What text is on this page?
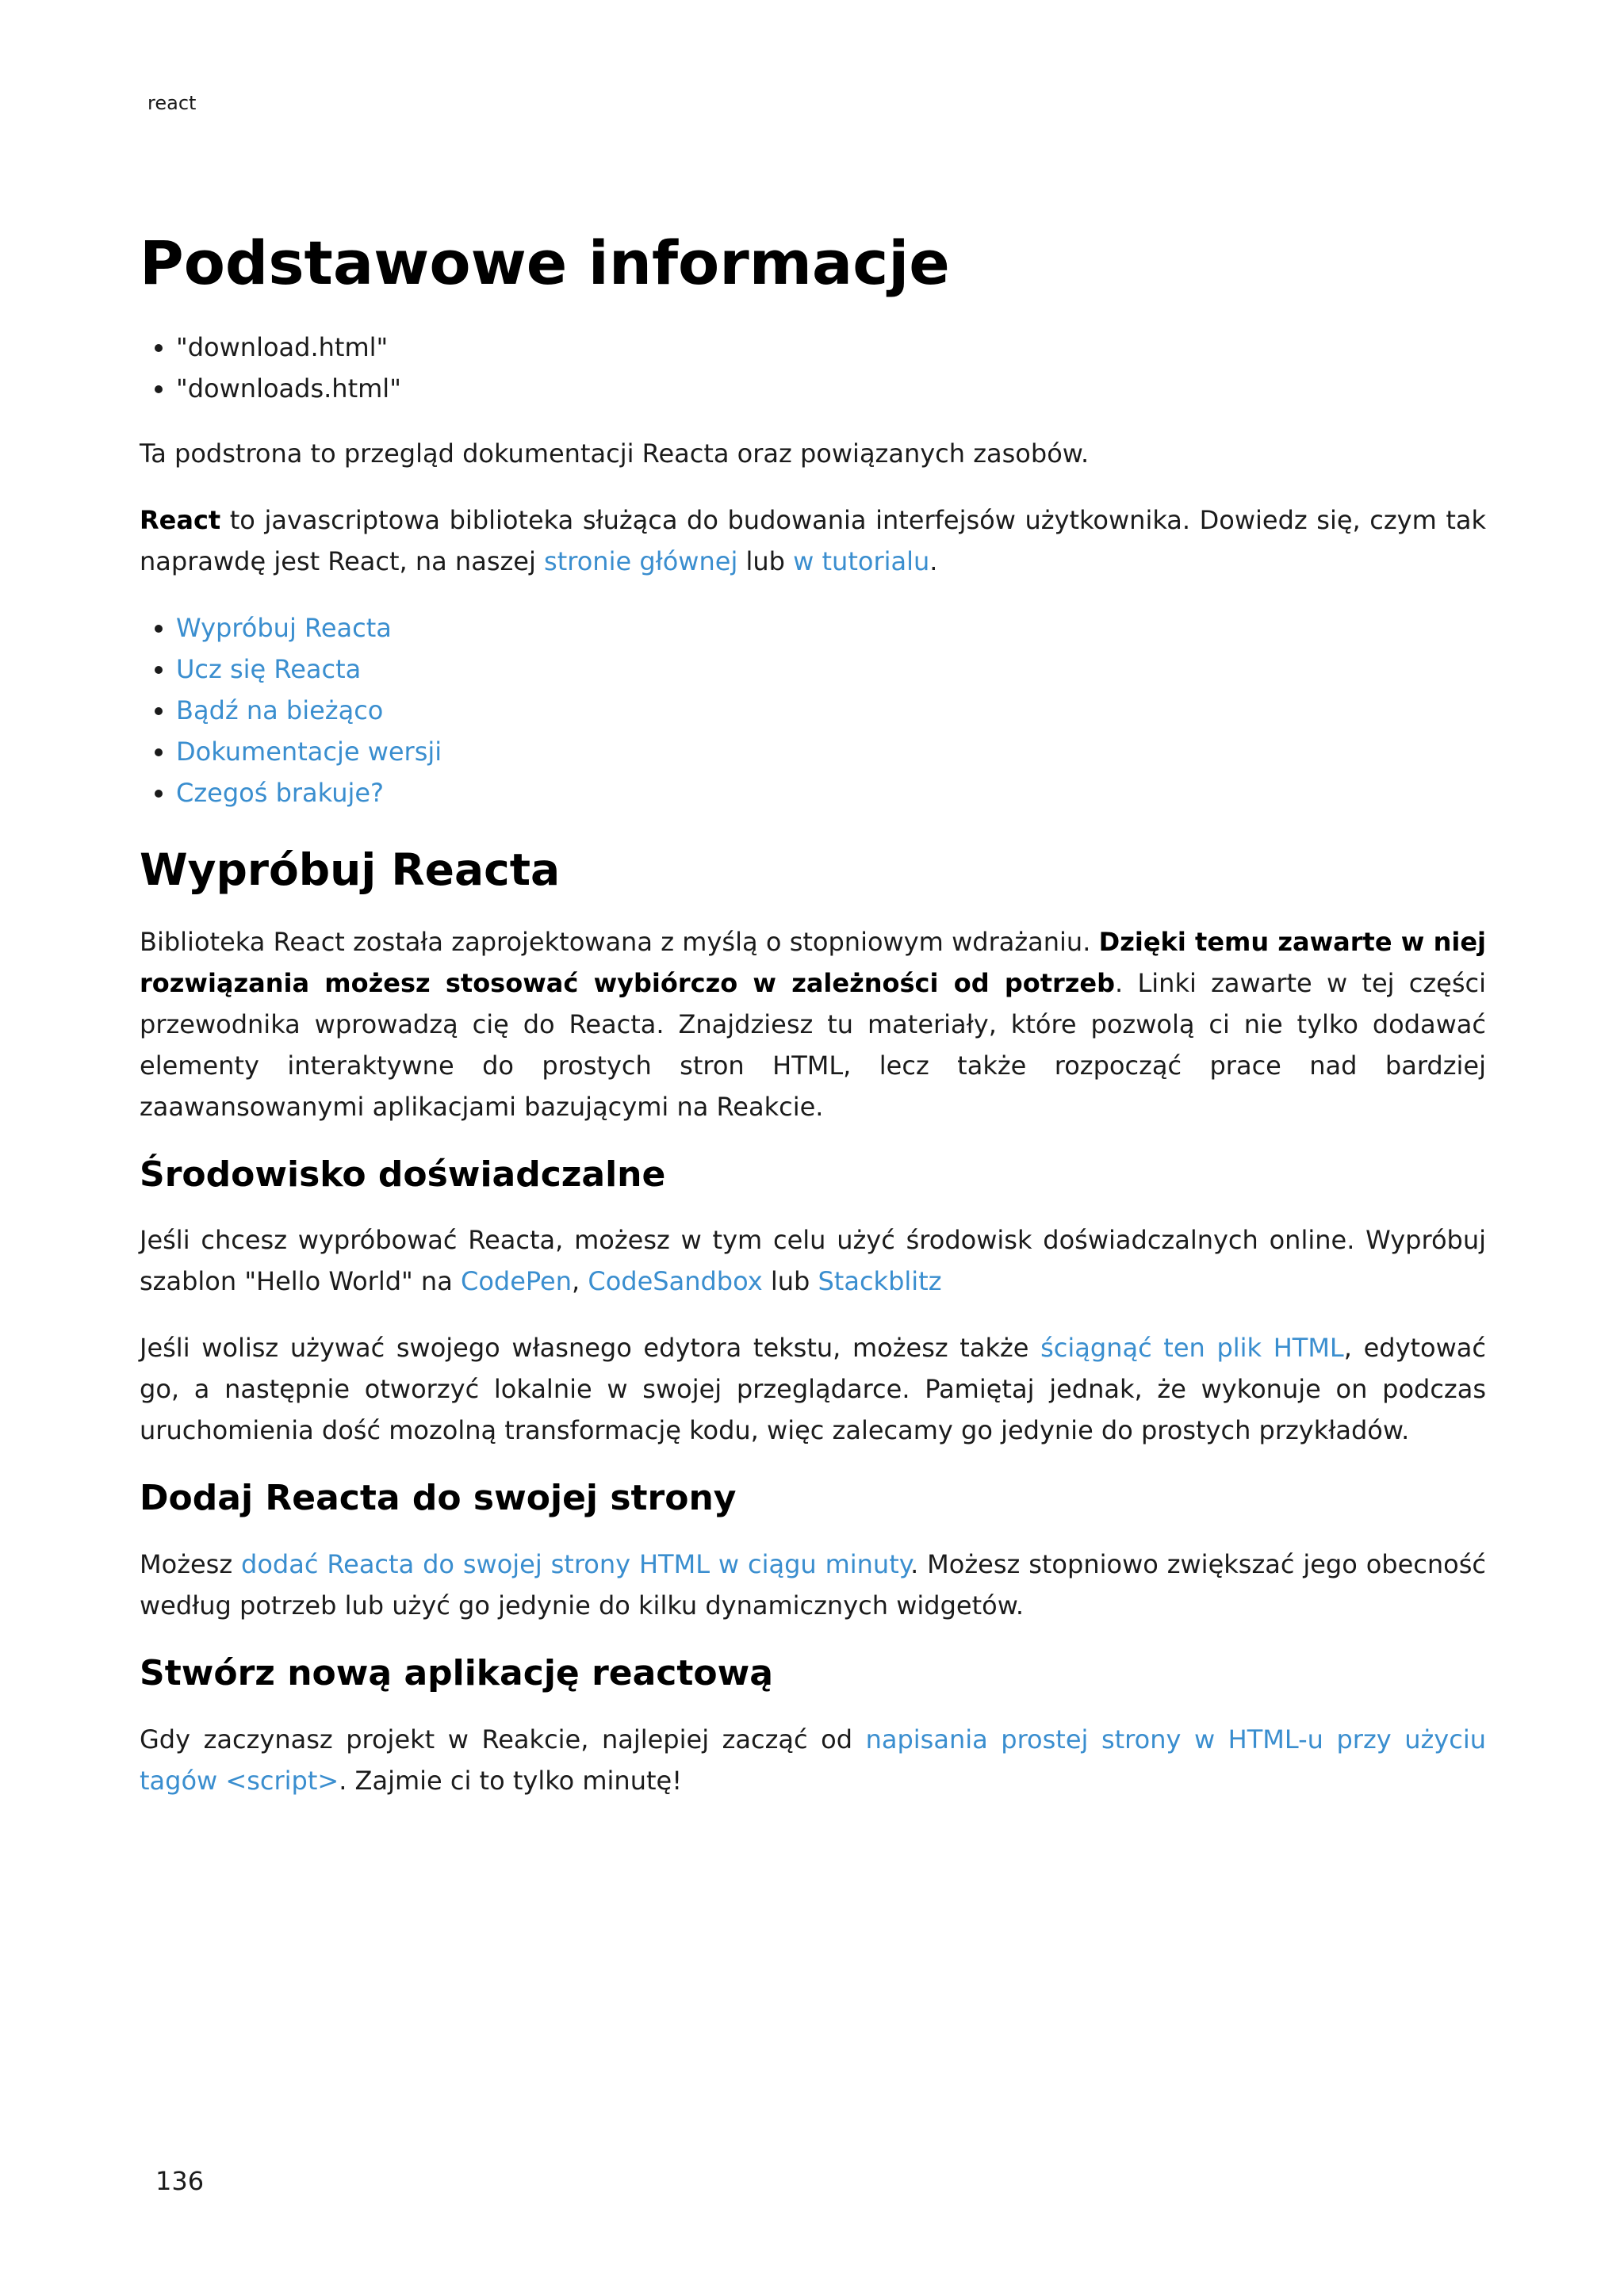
react
Podstawowe informacje
• "download.html"
• "downloads.html"

Ta podstrona to przegląd dokumentacji Reacta oraz powiązanych zasobów.

React to javascriptowa biblioteka służąca do budowania interfejsów użytkownika. Dowiedz się, czym tak naprawdę jest React, na naszej stronie głównej lub w tutorialu.

• Wypróbuj Reacta
• Ucz się Reacta
• Bądź na bieżąco
• Dokumentacje wersji
• Czegoś brakuje?
Wypróbuj Reacta

Biblioteka React została zaprojektowana z myślą o stopniowym wdrażaniu. Dzięki temu zawarte w niej rozwiązania możesz stosować wybiórczo w zależności od potrzeb. Linki zawarte w tej części przewodnika wprowadzą cię do Reacta. Znajdziesz tu materiały, które pozwolą ci nie tylko dodawać elementy interaktywne do prostych stron HTML, lecz także rozpocząć prace nad bardziej zaawansowanymi aplikacjami bazującymi na Reakcie.

Środowisko doświadczalne

Jeśli chcesz wypróbować Reacta, możesz w tym celu użyć środowisk doświadczalnych online. Wypróbuj szablon "Hello World" na CodePen, CodeSandbox lub Stackblitz

Jeśli wolisz używać swojego własnego edytora tekstu, możesz także ściągnąć ten plik HTML, edytować go, a następnie otworzyć lokalnie w swojej przeglądarce. Pamiętaj jednak, że wykonuje on podczas uruchomienia dość mozolną transformację kodu, więc zalecamy go jedynie do prostych przykładów.

Dodaj Reacta do swojej strony

Możesz dodać Reacta do swojej strony HTML w ciągu minuty. Możesz stopniowo zwiększać jego obecność według potrzeb lub użyć go jedynie do kilku dynamicznych widgetów.

Stwórz nową aplikację reactową

Gdy zaczynasz projekt w Reakcie, najlepiej zacząć od napisania prostej strony w HTML-u przy użyciu tagów <script>. Zajmie ci to tylko minutę!

136
